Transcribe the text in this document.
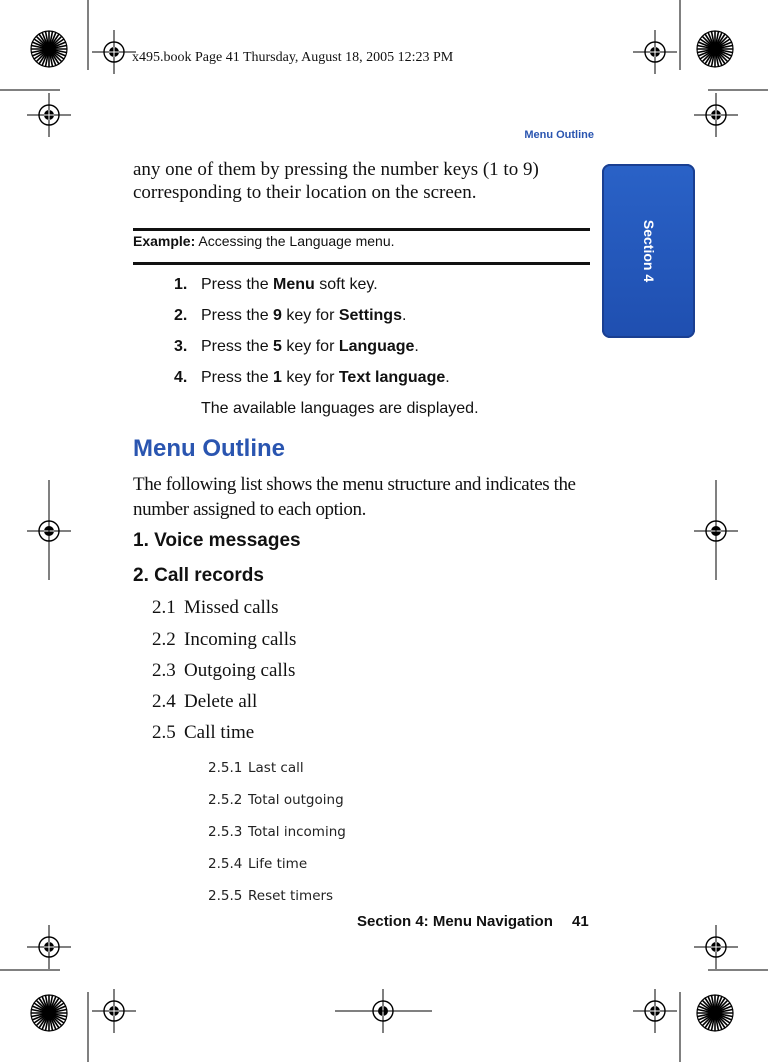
x495.book Page 41 Thursday, August 18, 2005 12:23 PM
Menu Outline
Section 4
any one of them by pressing the number keys (1 to 9) corresponding to their location on the screen.
Example: Accessing the Language menu.
1. Press the Menu soft key.
2. Press the 9 key for Settings.
3. Press the 5 key for Language.
4. Press the 1 key for Text language.
The available languages are displayed.
Menu Outline
The following list shows the menu structure and indicates the number assigned to each option.
1. Voice messages
2. Call records
2.1 Missed calls
2.2 Incoming calls
2.3 Outgoing calls
2.4 Delete all
2.5 Call time
2.5.1 Last call
2.5.2 Total outgoing
2.5.3 Total incoming
2.5.4 Life time
2.5.5 Reset timers
Section 4: Menu Navigation 41
